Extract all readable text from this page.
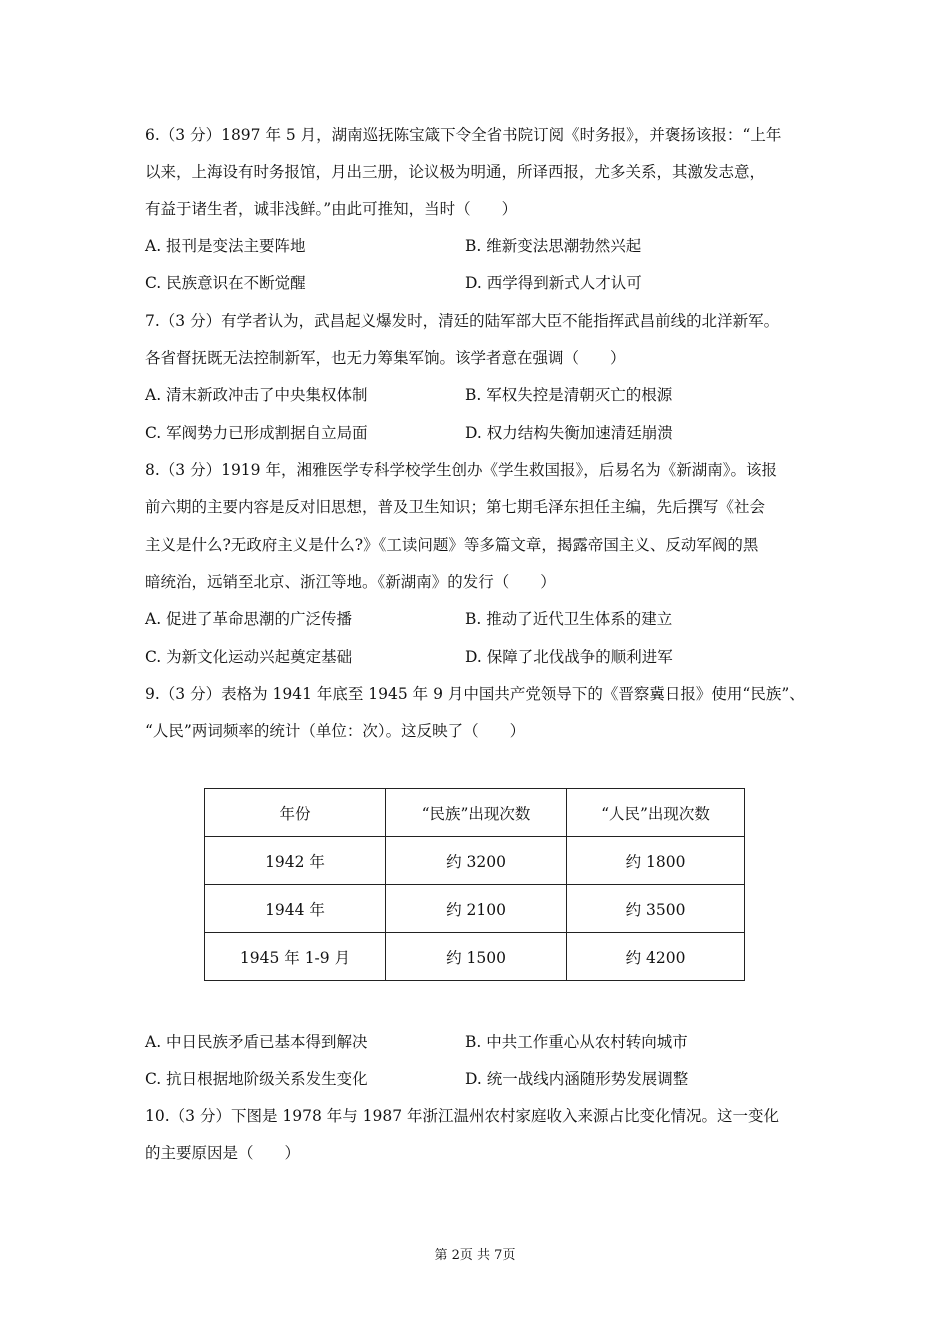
6.（3 分）1897 年 5 月，湖南巡抚陈宝箴下令全省书院订阅《时务报》，并褒扬该报：“上年
以来，上海设有时务报馆，月出三册，论议极为明通，所译西报，尤多关系，其激发志意，
有益于诸生者，诚非浅鲜。”由此可推知，当时（　　）
A. 报刊是变法主要阵地	B. 维新变法思潮勃然兴起
C. 民族意识在不断觉醒	D. 西学得到新式人才认可
7.（3 分）有学者认为，武昌起义爆发时，清廷的陆军部大臣不能指挥武昌前线的北洋新军。
各省督抚既无法控制新军，也无力筹集军饷。该学者意在强调（　　）
A. 清末新政冲击了中央集权体制	B. 军权失控是清朝灭亡的根源
C. 军阀势力已形成割据自立局面	D. 权力结构失衡加速清廷崩溃
8.（3 分）1919 年，湘雅医学专科学校学生创办《学生救国报》，后易名为《新湖南》。该报
前六期的主要内容是反对旧思想，普及卫生知识；第七期毛泽东担任主编，先后撰写《社会
主义是什么?无政府主义是什么?》《工读问题》等多篇文章，揭露帝国主义、反动军阀的黑
暗统治，远销至北京、浙江等地。《新湖南》的发行（　　）
A. 促进了革命思潮的广泛传播	B. 推动了近代卫生体系的建立
C. 为新文化运动兴起奠定基础	D. 保障了北伐战争的顺利进军
9.（3 分）表格为 1941 年底至 1945 年 9 月中国共产党领导下的《晋察冀日报》使用“民族”、
“人民”两词频率的统计（单位：次）。这反映了（　　）
年份	“民族”出现次数	“人民”出现次数
1942 年	约 3200	约 1800
1944 年	约 2100	约 3500
1945 年 1-9 月	约 1500	约 4200
A. 中日民族矛盾已基本得到解决	B. 中共工作重心从农村转向城市
C. 抗日根据地阶级关系发生变化	D. 统一战线内涵随形势发展调整
10.（3 分）下图是 1978 年与 1987 年浙江温州农村家庭收入来源占比变化情况。这一变化
的主要原因是（　　）
第 2页 共 7页
